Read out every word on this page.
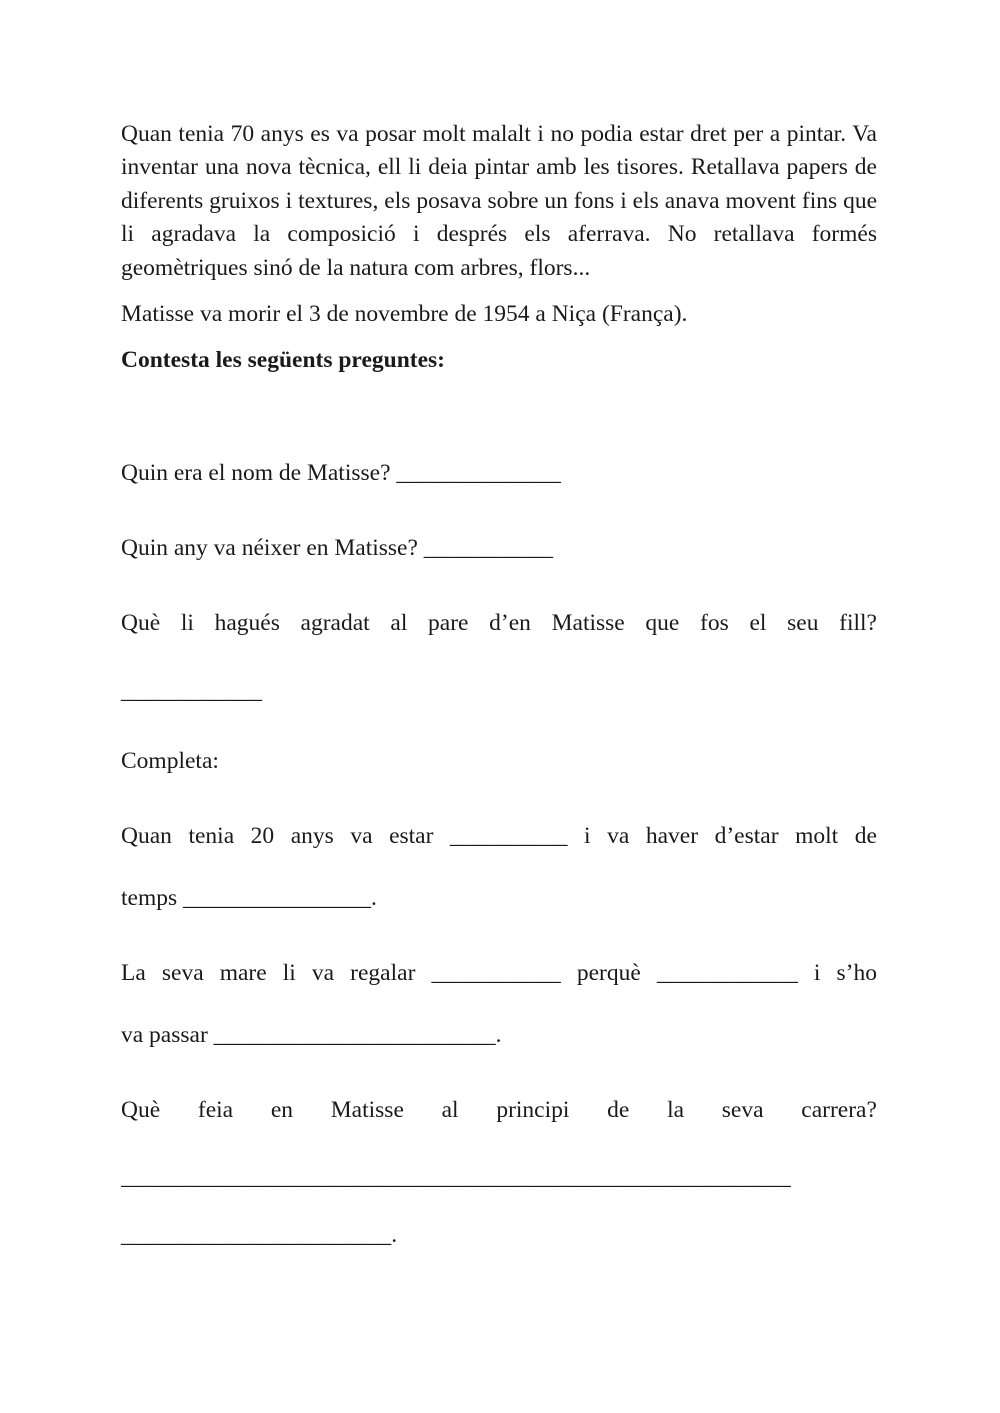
Quan tenia 70 anys es va posar molt malalt i no podia estar dret per a pintar. Va inventar una nova tècnica, ell li deia pintar amb les tisores. Retallava papers de diferents gruixos i textures, els posava sobre un fons i els anava movent fins que li agradava la composició i després els aferrava. No retallava formés geomètriques sinó de la natura com arbres, flors...

Matisse va morir el 3 de novembre de 1954 a Niça (França).

Contesta les següents preguntes:

Quin era el nom de Matisse? ______________
Quin any va néixer en Matisse? ___________
Què li hagués agradat al pare d’en Matisse que fos el seu fill?
____________
Completa:
Quan tenia 20 anys va estar __________ i va haver d’estar molt de
temps ________________.
La seva mare li va regalar ___________ perquè ____________ i s’ho
va passar ________________________.
Què feia en Matisse al principi de la seva carrera?
_________________________________________________________
_______________________.
